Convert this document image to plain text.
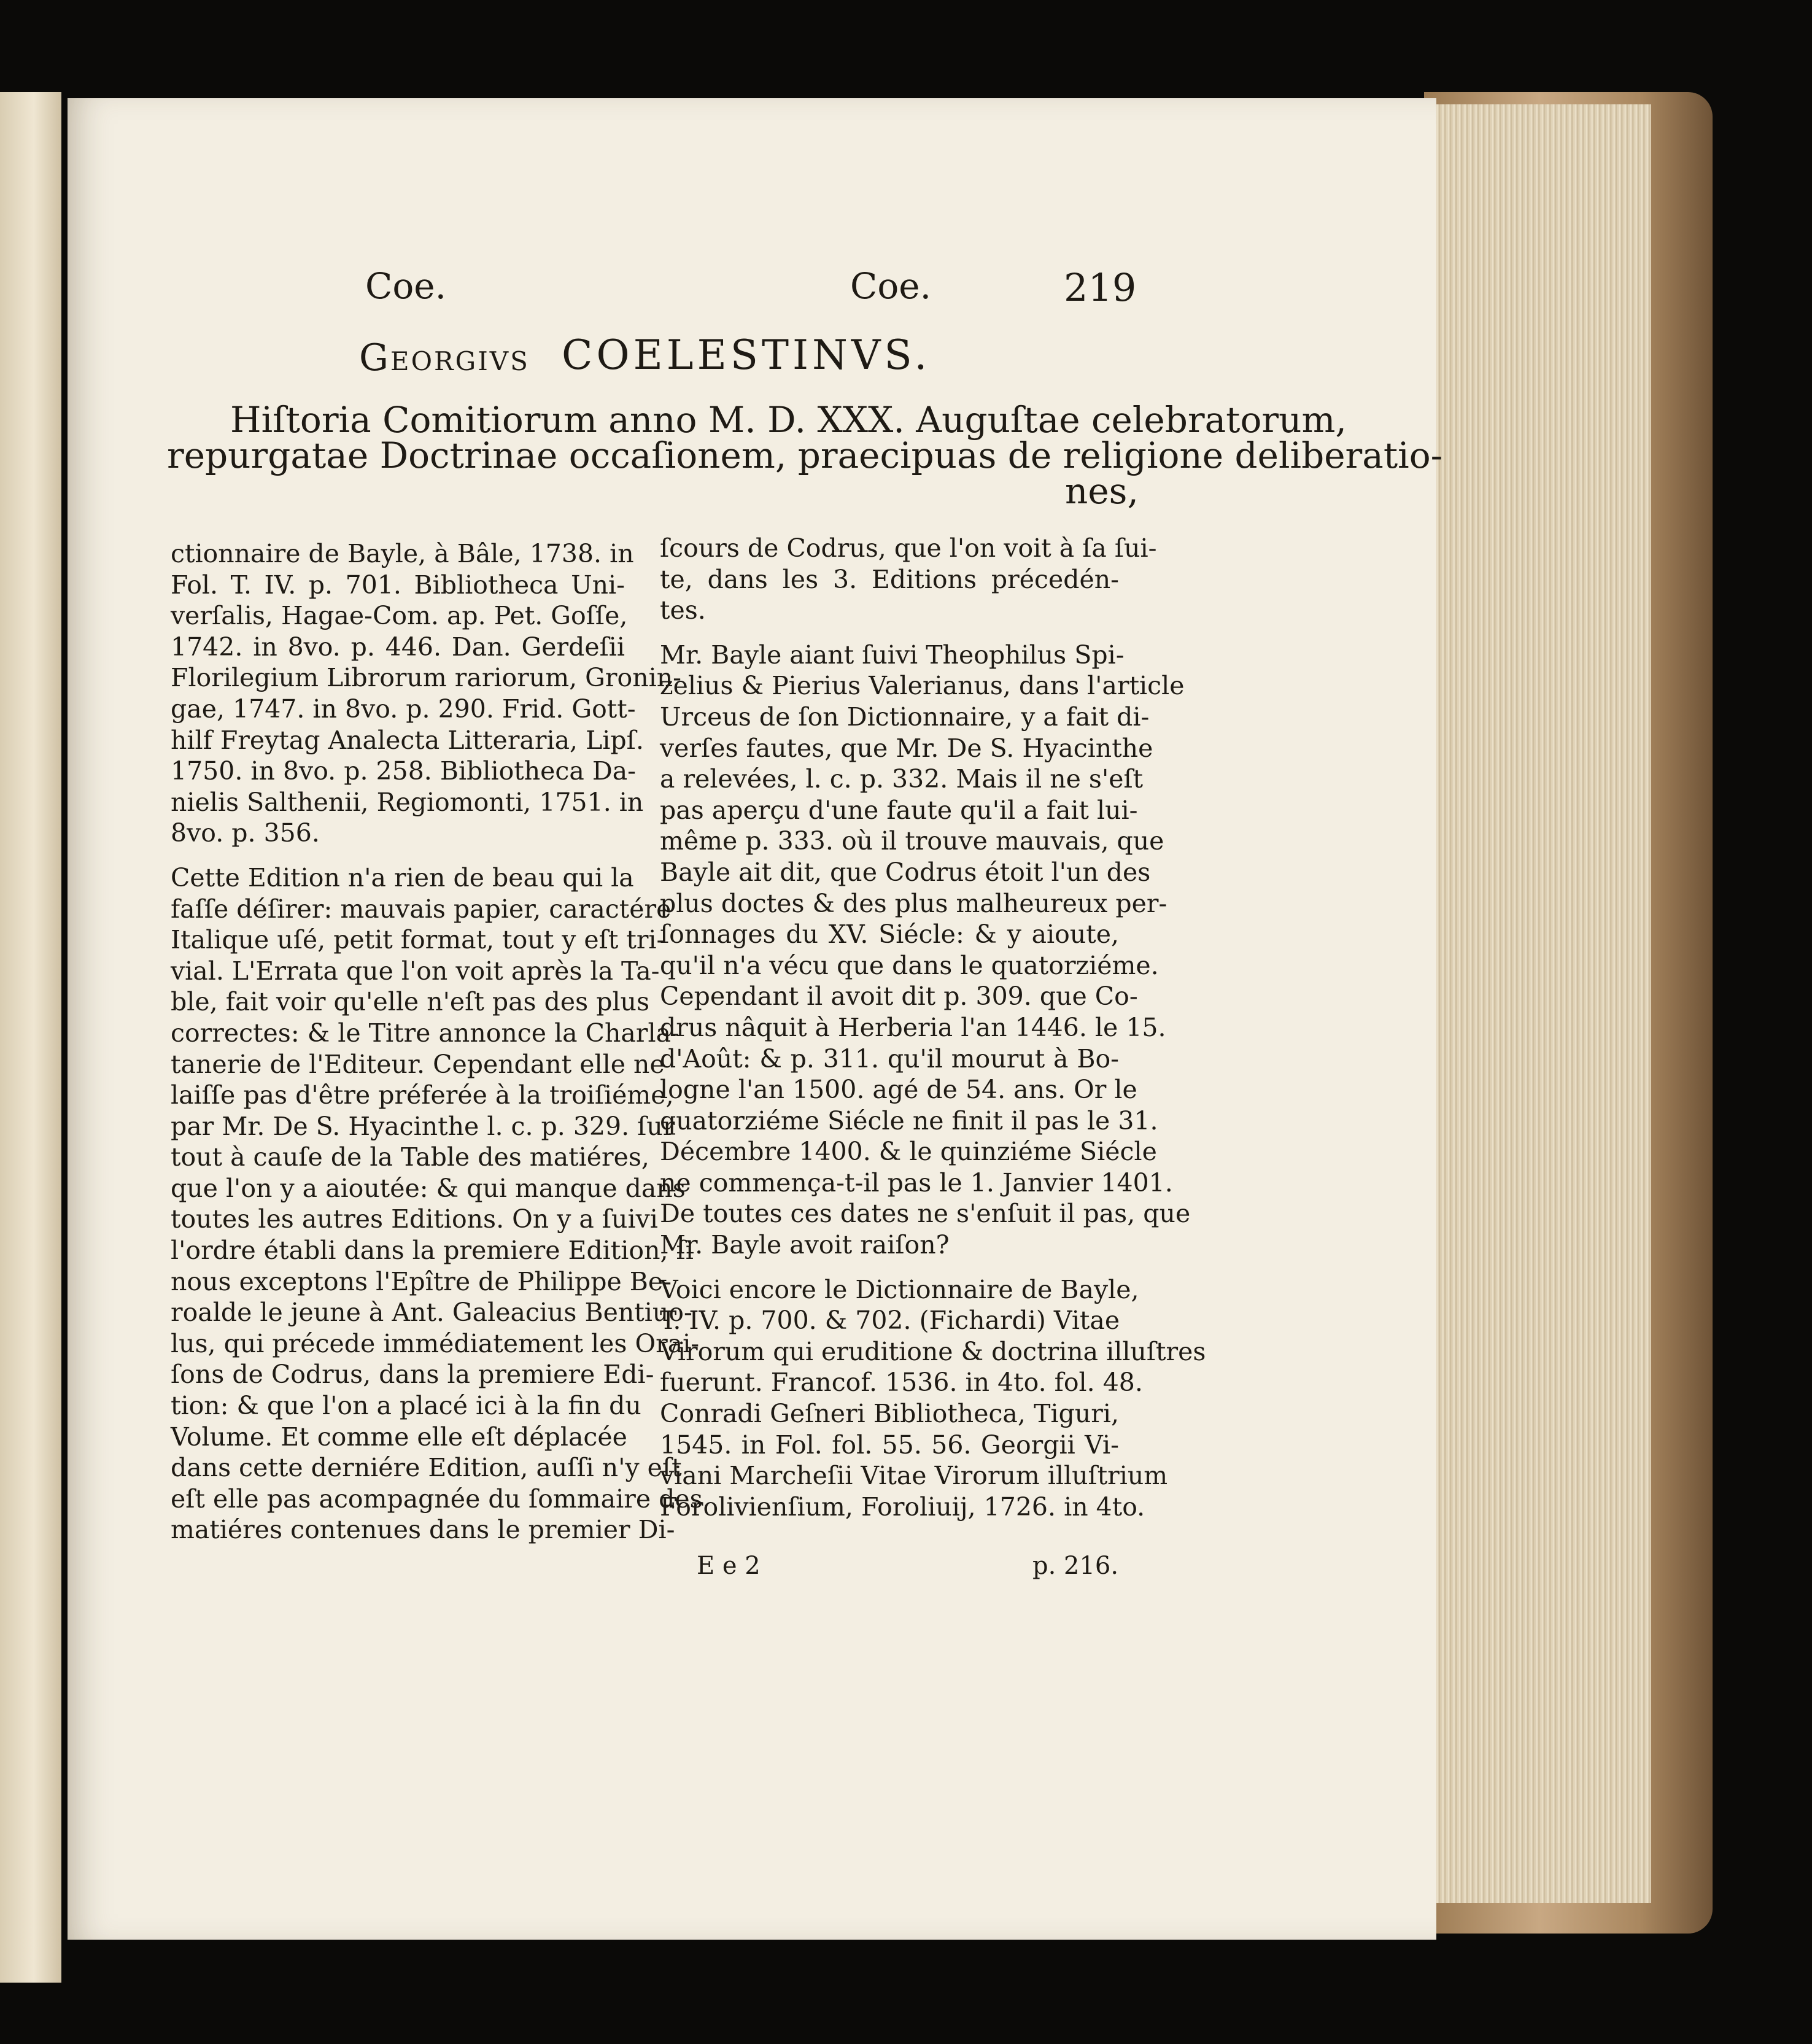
Coe.	Coe.	219
Georgivs COELESTINVS.
Hiſtoria Comitiorum anno M. D. XXX. Auguſtae celebratorum,
repurgatae Doctrinae occaſionem, praecipuas de religione deliberatio-
nes,
ctionnaire de Bayle, à Bâle, 1738. in
Fol. T. IV. p. 701. Bibliotheca Uni-
verſalis, Hagae-Com. ap. Pet. Goſſe,
1742. in 8vo. p. 446. Dan. Gerdeſii
Florilegium Librorum rariorum, Gronin-
gae, 1747. in 8vo. p. 290. Frid. Gott-
hilf Freytag Analecta Litteraria, Lipſ.
1750. in 8vo. p. 258. Bibliotheca Da-
nielis Salthenii, Regiomonti, 1751. in
8vo. p. 356.
Cette Edition n'a rien de beau qui la
faſſe déſirer: mauvais papier, caractére
Italique uſé, petit format, tout y eſt tri-
vial. L'Errata que l'on voit après la Ta-
ble, fait voir qu'elle n'eſt pas des plus
correctes: & le Titre annonce la Charla-
tanerie de l'Editeur. Cependant elle ne
laiſſe pas d'être préferée à la troiſiéme,
par Mr. De S. Hyacinthe l. c. p. 329. ſur
tout à cauſe de la Table des matiéres,
que l'on y a aioutée: & qui manque dans
toutes les autres Editions. On y a ſuivi
l'ordre établi dans la premiere Edition, ſi
nous exceptons l'Epître de Philippe Be-
roalde le jeune à Ant. Galeacius Bentiuo-
lus, qui précede immédiatement les Orai-
ſons de Codrus, dans la premiere Edi-
tion: & que l'on a placé ici à la fin du
Volume. Et comme elle eſt déplacée
dans cette derniére Edition, auſſi n'y eſt
eſt elle pas acompagnée du ſommaire des
matiéres contenues dans le premier Di-
ſcours de Codrus, que l'on voit à ſa ſui-
te, dans les 3. Editions précedén-
tes.
Mr. Bayle aiant ſuivi Theophilus Spi-
zelius & Pierius Valerianus, dans l'article
Urceus de ſon Dictionnaire, y a fait di-
verſes fautes, que Mr. De S. Hyacinthe
a relevées, l. c. p. 332. Mais il ne s'eſt
pas aperçu d'une faute qu'il a fait lui-
même p. 333. où il trouve mauvais, que
Bayle ait dit, que Codrus étoit l'un des
plus doctes & des plus malheureux per-
ſonnages du XV. Siécle: & y aioute,
qu'il n'a vécu que dans le quatorziéme.
Cependant il avoit dit p. 309. que Co-
drus nâquit à Herberia l'an 1446. le 15.
d'Août: & p. 311. qu'il mourut à Bo-
logne l'an 1500. agé de 54. ans. Or le
quatorziéme Siécle ne finit il pas le 31.
Décembre 1400. & le quinziéme Siécle
ne commença-t-il pas le 1. Janvier 1401.
De toutes ces dates ne s'enſuit il pas, que
Mr. Bayle avoit raiſon?
Voici encore le Dictionnaire de Bayle,
T. IV. p. 700. & 702. (Fichardi) Vitae
Virorum qui eruditione & doctrina illuſtres
fuerunt. Francof. 1536. in 4to. fol. 48.
Conradi Geſneri Bibliotheca, Tiguri,
1545. in Fol. fol. 55. 56. Georgii Vi-
viani Marcheſii Vitae Virorum illuſtrium
Forolivienſium, Foroliuij, 1726. in 4to.
E e 2	p. 216.
